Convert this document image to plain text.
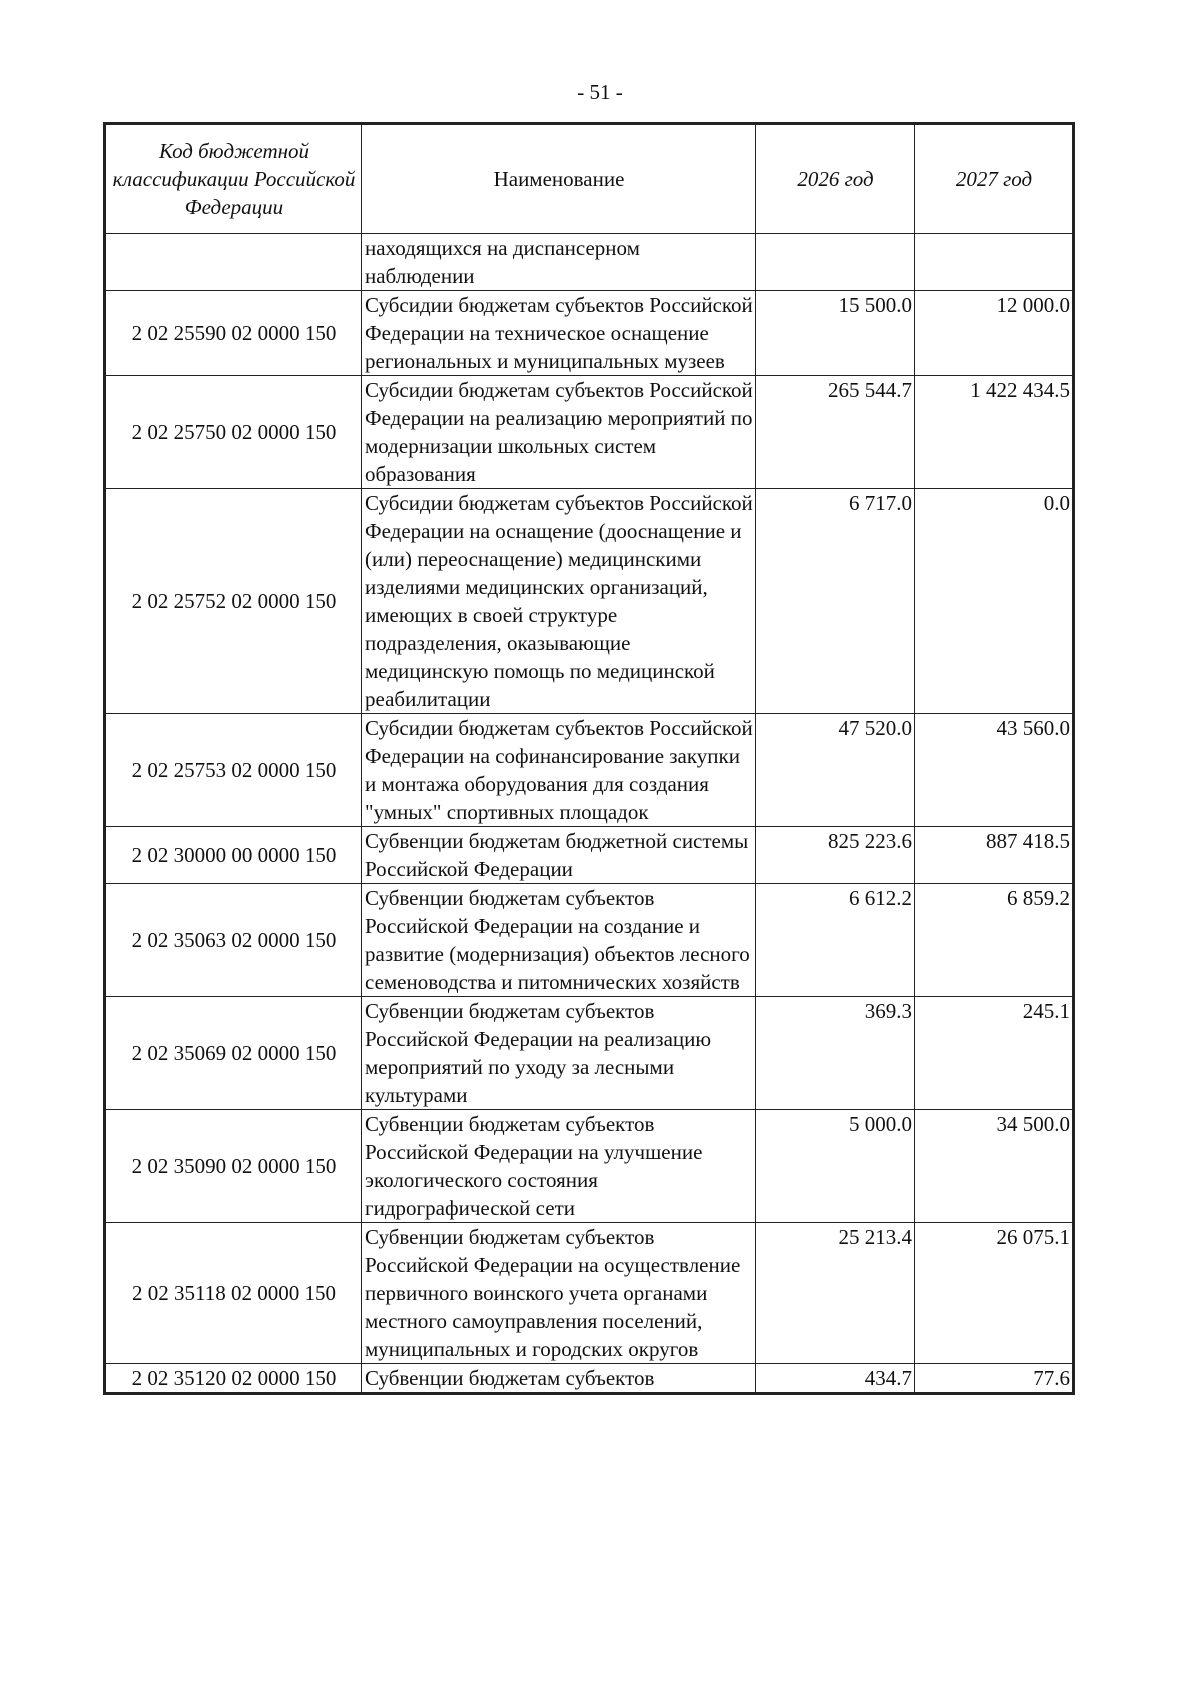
- 51 -
Код бюджетной классификации Российской Федерации	Наименование	2026 год	2027 год
	находящихся на диспансерном наблюдении		
2 02 25590 02 0000 150	Субсидии бюджетам субъектов Российской Федерации на техническое оснащение региональных и муниципальных музеев	15 500.0	12 000.0
2 02 25750 02 0000 150	Субсидии бюджетам субъектов Российской Федерации на реализацию мероприятий по модернизации школьных систем образования	265 544.7	1 422 434.5
2 02 25752 02 0000 150	Субсидии бюджетам субъектов Российской Федерации на оснащение (дооснащение и (или) переоснащение) медицинскими изделиями медицинских организаций, имеющих в своей структуре подразделения, оказывающие медицинскую помощь по медицинской реабилитации	6 717.0	0.0
2 02 25753 02 0000 150	Субсидии бюджетам субъектов Российской Федерации на софинансирование закупки и монтажа оборудования для создания "умных" спортивных площадок	47 520.0	43 560.0
2 02 30000 00 0000 150	Субвенции бюджетам бюджетной системы Российской Федерации	825 223.6	887 418.5
2 02 35063 02 0000 150	Субвенции бюджетам субъектов Российской Федерации на создание и развитие (модернизация) объектов лесного семеноводства и питомнических хозяйств	6 612.2	6 859.2
2 02 35069 02 0000 150	Субвенции бюджетам субъектов Российской Федерации на реализацию мероприятий по уходу за лесными культурами	369.3	245.1
2 02 35090 02 0000 150	Субвенции бюджетам субъектов Российской Федерации на улучшение экологического состояния гидрографической сети	5 000.0	34 500.0
2 02 35118 02 0000 150	Субвенции бюджетам субъектов Российской Федерации на осуществление первичного воинского учета органами местного самоуправления поселений, муниципальных и городских округов	25 213.4	26 075.1
2 02 35120 02 0000 150	Субвенции бюджетам субъектов	434.7	77.6
